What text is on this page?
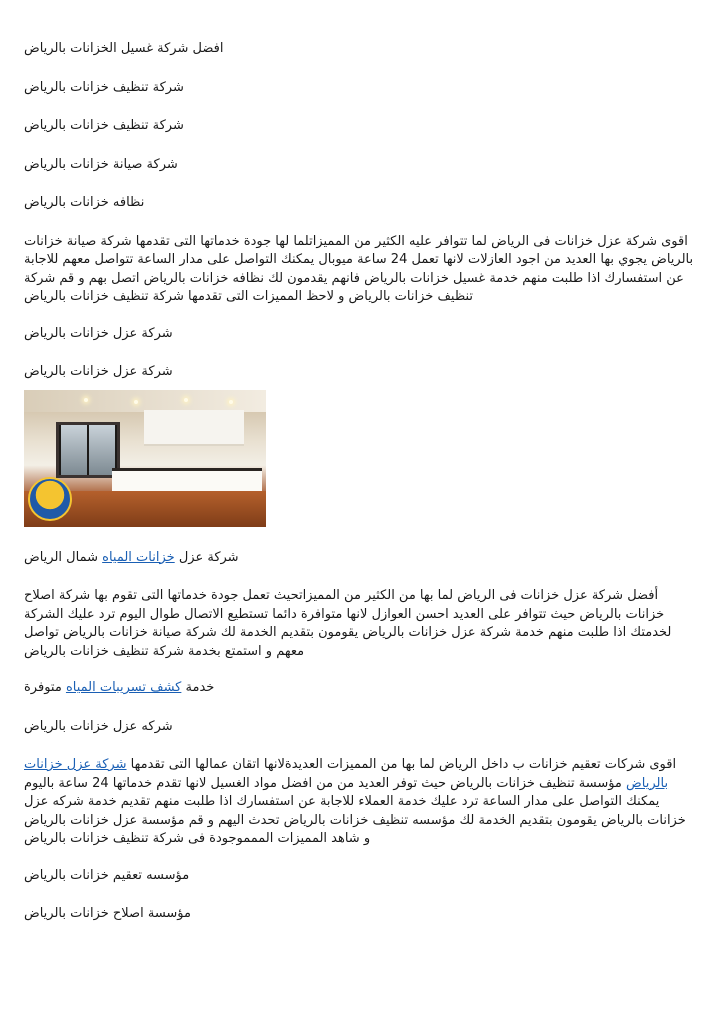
افضل شركة غسيل الخزانات بالرياض

شركة تنظيف خزانات بالرياض

شركة تنظيف خزانات بالرياض

شركة صيانة خزانات بالرياض

نظافه خزانات بالرياض

اقوى شركة عزل خزانات فى الرياض لما تتوافر عليه الكثير من المميزاتلما لها جودة خدماتها التى تقدمها شركة صيانة خزانات بالرياض يجوي بها العديد من اجود العازلات لانها تعمل 24 ساعة ميوبال يمكنك التواصل على مدار الساعة تتواصل معهم للاجابة عن استفسارك اذا طلبت منهم خدمة غسيل خزانات بالرياض فانهم يقدمون لك نظافه خزانات بالرياض اتصل بهم و قم شركة تنظيف خزانات بالرياض و لاحظ المميزات التى تقدمها شركة تنظيف خزانات بالرياض

شركة عزل خزانات بالرياض

شركة عزل خزانات بالرياض

شركة عزل خزانات المياه شمال الرياض

أفضل شركة عزل خزانات فى الرياض لما بها من الكثير من المميزاتحيث تعمل جودة خدماتها التى تقوم بها شركة اصلاح خزانات بالرياض حيث تتوافر على العديد احسن العوازل لانها متوافرة دائما تستطيع الاتصال طوال اليوم ترد عليك الشركة لخدمتك اذا طلبت منهم خدمة شركة عزل خزانات بالرياض يقومون بتقديم الخدمة لك شركة صيانة خزانات بالرياض تواصل معهم و استمتع بخدمة شركة تنظيف خزانات بالرياض

خدمة كشف تسريبات المياه متوفرة

شركه عزل خزانات بالرياض

اقوى شركات تعقيم خزانات ب داخل الرياض لما بها من المميزات العديدةلانها اتقان عمالها التى تقدمها شركة عزل خزانات بالرياض مؤسسة تنظيف خزانات بالرياض حيث توفر العديد من من افضل مواد الغسيل لانها تقدم خدماتها 24 ساعة باليوم يمكنك التواصل على مدار الساعة ترد عليك خدمة العملاء للاجابة عن استفسارك اذا طلبت منهم تقديم خدمة شركه عزل خزانات بالرياض يقومون بتقديم الخدمة لك مؤسسه تنظيف خزانات بالرياض تحدث اليهم و قم مؤسسة عزل خزانات بالرياض و شاهد المميزات الممموجودة فى شركة تنظيف خزانات بالرياض

مؤسسه تعقيم خزانات بالرياض

مؤسسة اصلاح خزانات بالرياض
